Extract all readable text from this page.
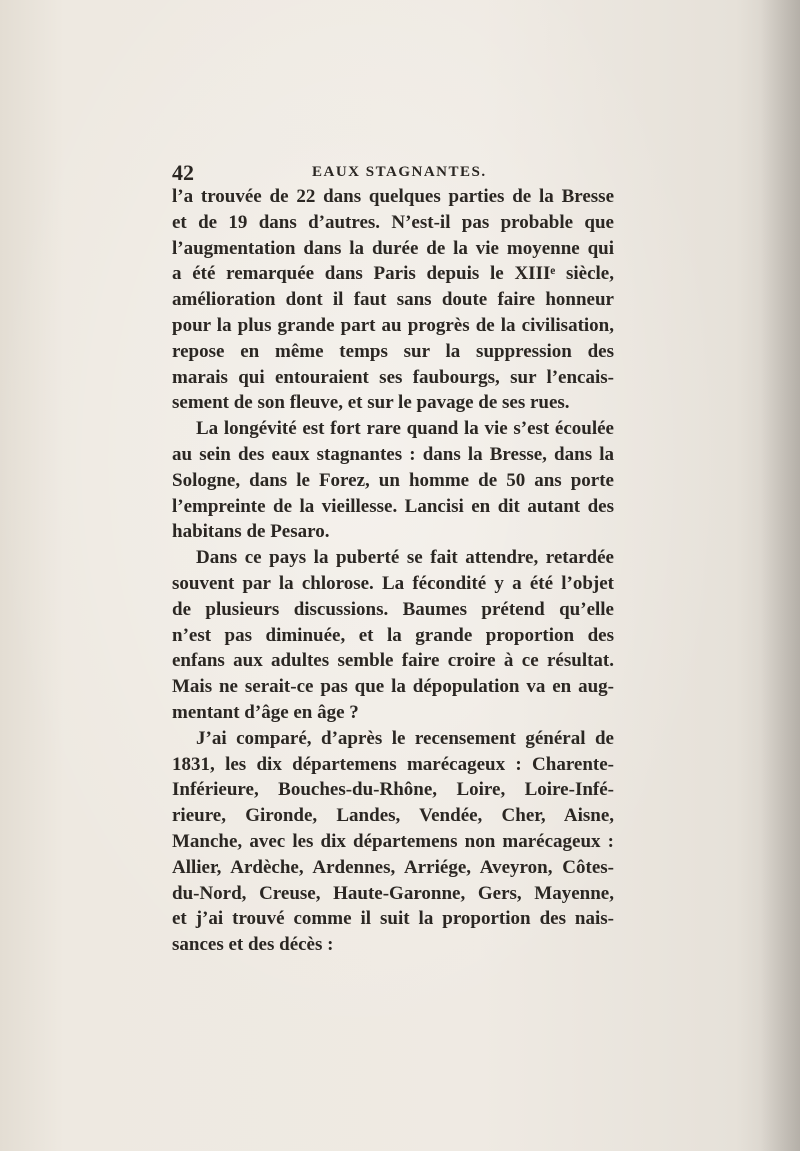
42	EAUX STAGNANTES.
l’a trouvée de 22 dans quelques parties de la Bresse
et de 19 dans d’autres. N’est-il pas probable que
l’augmentation dans la durée de la vie moyenne qui
a été remarquée dans Paris depuis le XIIIᵉ siècle,
amélioration dont il faut sans doute faire honneur
pour la plus grande part au progrès de la civilisation,
repose en même temps sur la suppression des
marais qui entouraient ses faubourgs, sur l’encais-
sement de son fleuve, et sur le pavage de ses rues.
La longévité est fort rare quand la vie s’est écoulée
au sein des eaux stagnantes : dans la Bresse, dans la
Sologne, dans le Forez, un homme de 50 ans porte
l’empreinte de la vieillesse. Lancisi en dit autant des
habitans de Pesaro.
Dans ce pays la puberté se fait attendre, retardée
souvent par la chlorose. La fécondité y a été l’objet
de plusieurs discussions. Baumes prétend qu’elle
n’est pas diminuée, et la grande proportion des
enfans aux adultes semble faire croire à ce résultat.
Mais ne serait-ce pas que la dépopulation va en aug-
mentant d’âge en âge ?
J’ai comparé, d’après le recensement général de
1831, les dix départemens marécageux : Charente-
Inférieure, Bouches-du-Rhône, Loire, Loire-Infé-
rieure, Gironde, Landes, Vendée, Cher, Aisne,
Manche, avec les dix départemens non marécageux :
Allier, Ardèche, Ardennes, Arriége, Aveyron, Côtes-
du-Nord, Creuse, Haute-Garonne, Gers, Mayenne,
et j’ai trouvé comme il suit la proportion des nais-
sances et des décès :
